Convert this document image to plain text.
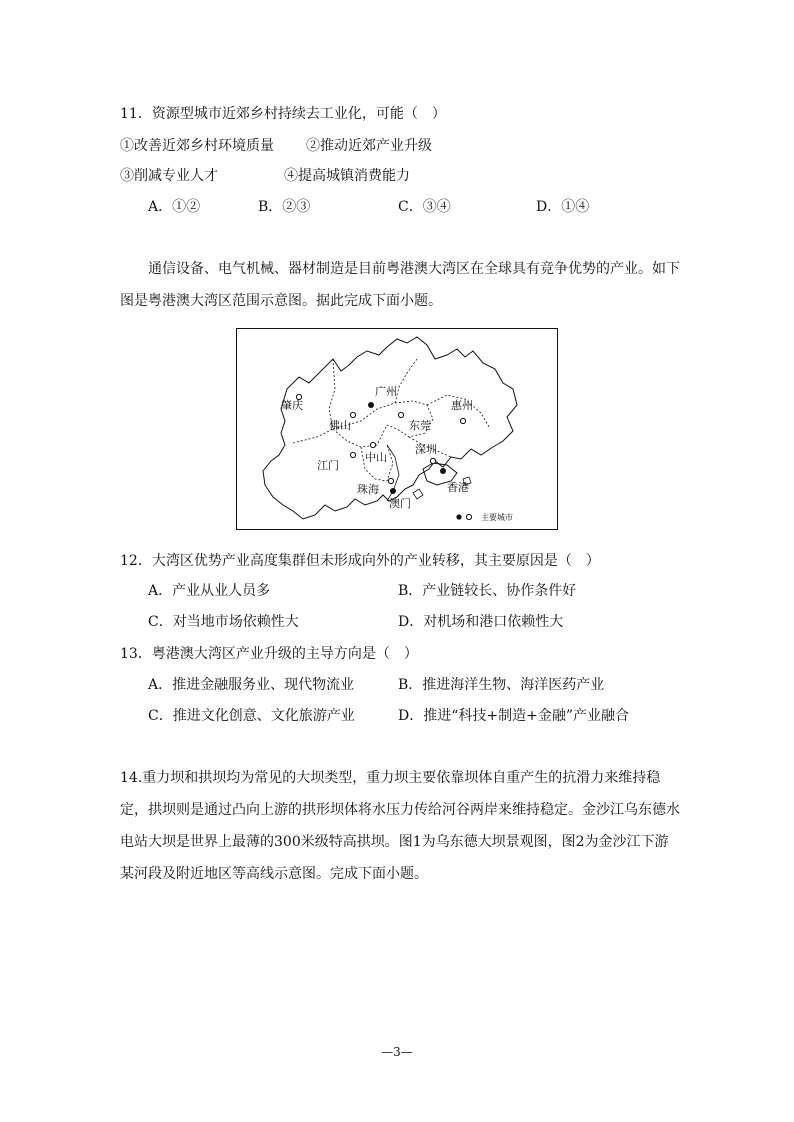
11．资源型城市近郊乡村持续去工业化，可能（　）
①改善近郊乡村环境质量 ②推动近郊产业升级
③削减专业人才	④提高城镇消费能力
A．①②	B．②③	C．③④	D．①④
通信设备、电气机械、器材制造是目前粤港澳大湾区在全球具有竞争优势的产业。如下图是粤港澳大湾区范围示意图。据此完成下面小题。
广州
肇庆
佛山	东莞
惠州
深圳
中山
江门
珠海
澳门
香港
主要城市
12．大湾区优势产业高度集群但未形成向外的产业转移，其主要原因是（　）
A．产业从业人员多	B．产业链较长、协作条件好
C．对当地市场依赖性大	D．对机场和港口依赖性大
13．粤港澳大湾区产业升级的主导方向是（　）
A．推进金融服务业、现代物流业	B．推进海洋生物、海洋医药产业
C．推进文化创意、文化旅游产业	D．推进“科技+制造+金融”产业融合
14.重力坝和拱坝均为常见的大坝类型，重力坝主要依靠坝体自重产生的抗滑力来维持稳定，拱坝则是通过凸向上游的拱形坝体将水压力传给河谷两岸来维持稳定。金沙江乌东德水电站大坝是世界上最薄的300米级特高拱坝。图1为乌东德大坝景观图，图2为金沙江下游某河段及附近地区等高线示意图。完成下面小题。
—3—
